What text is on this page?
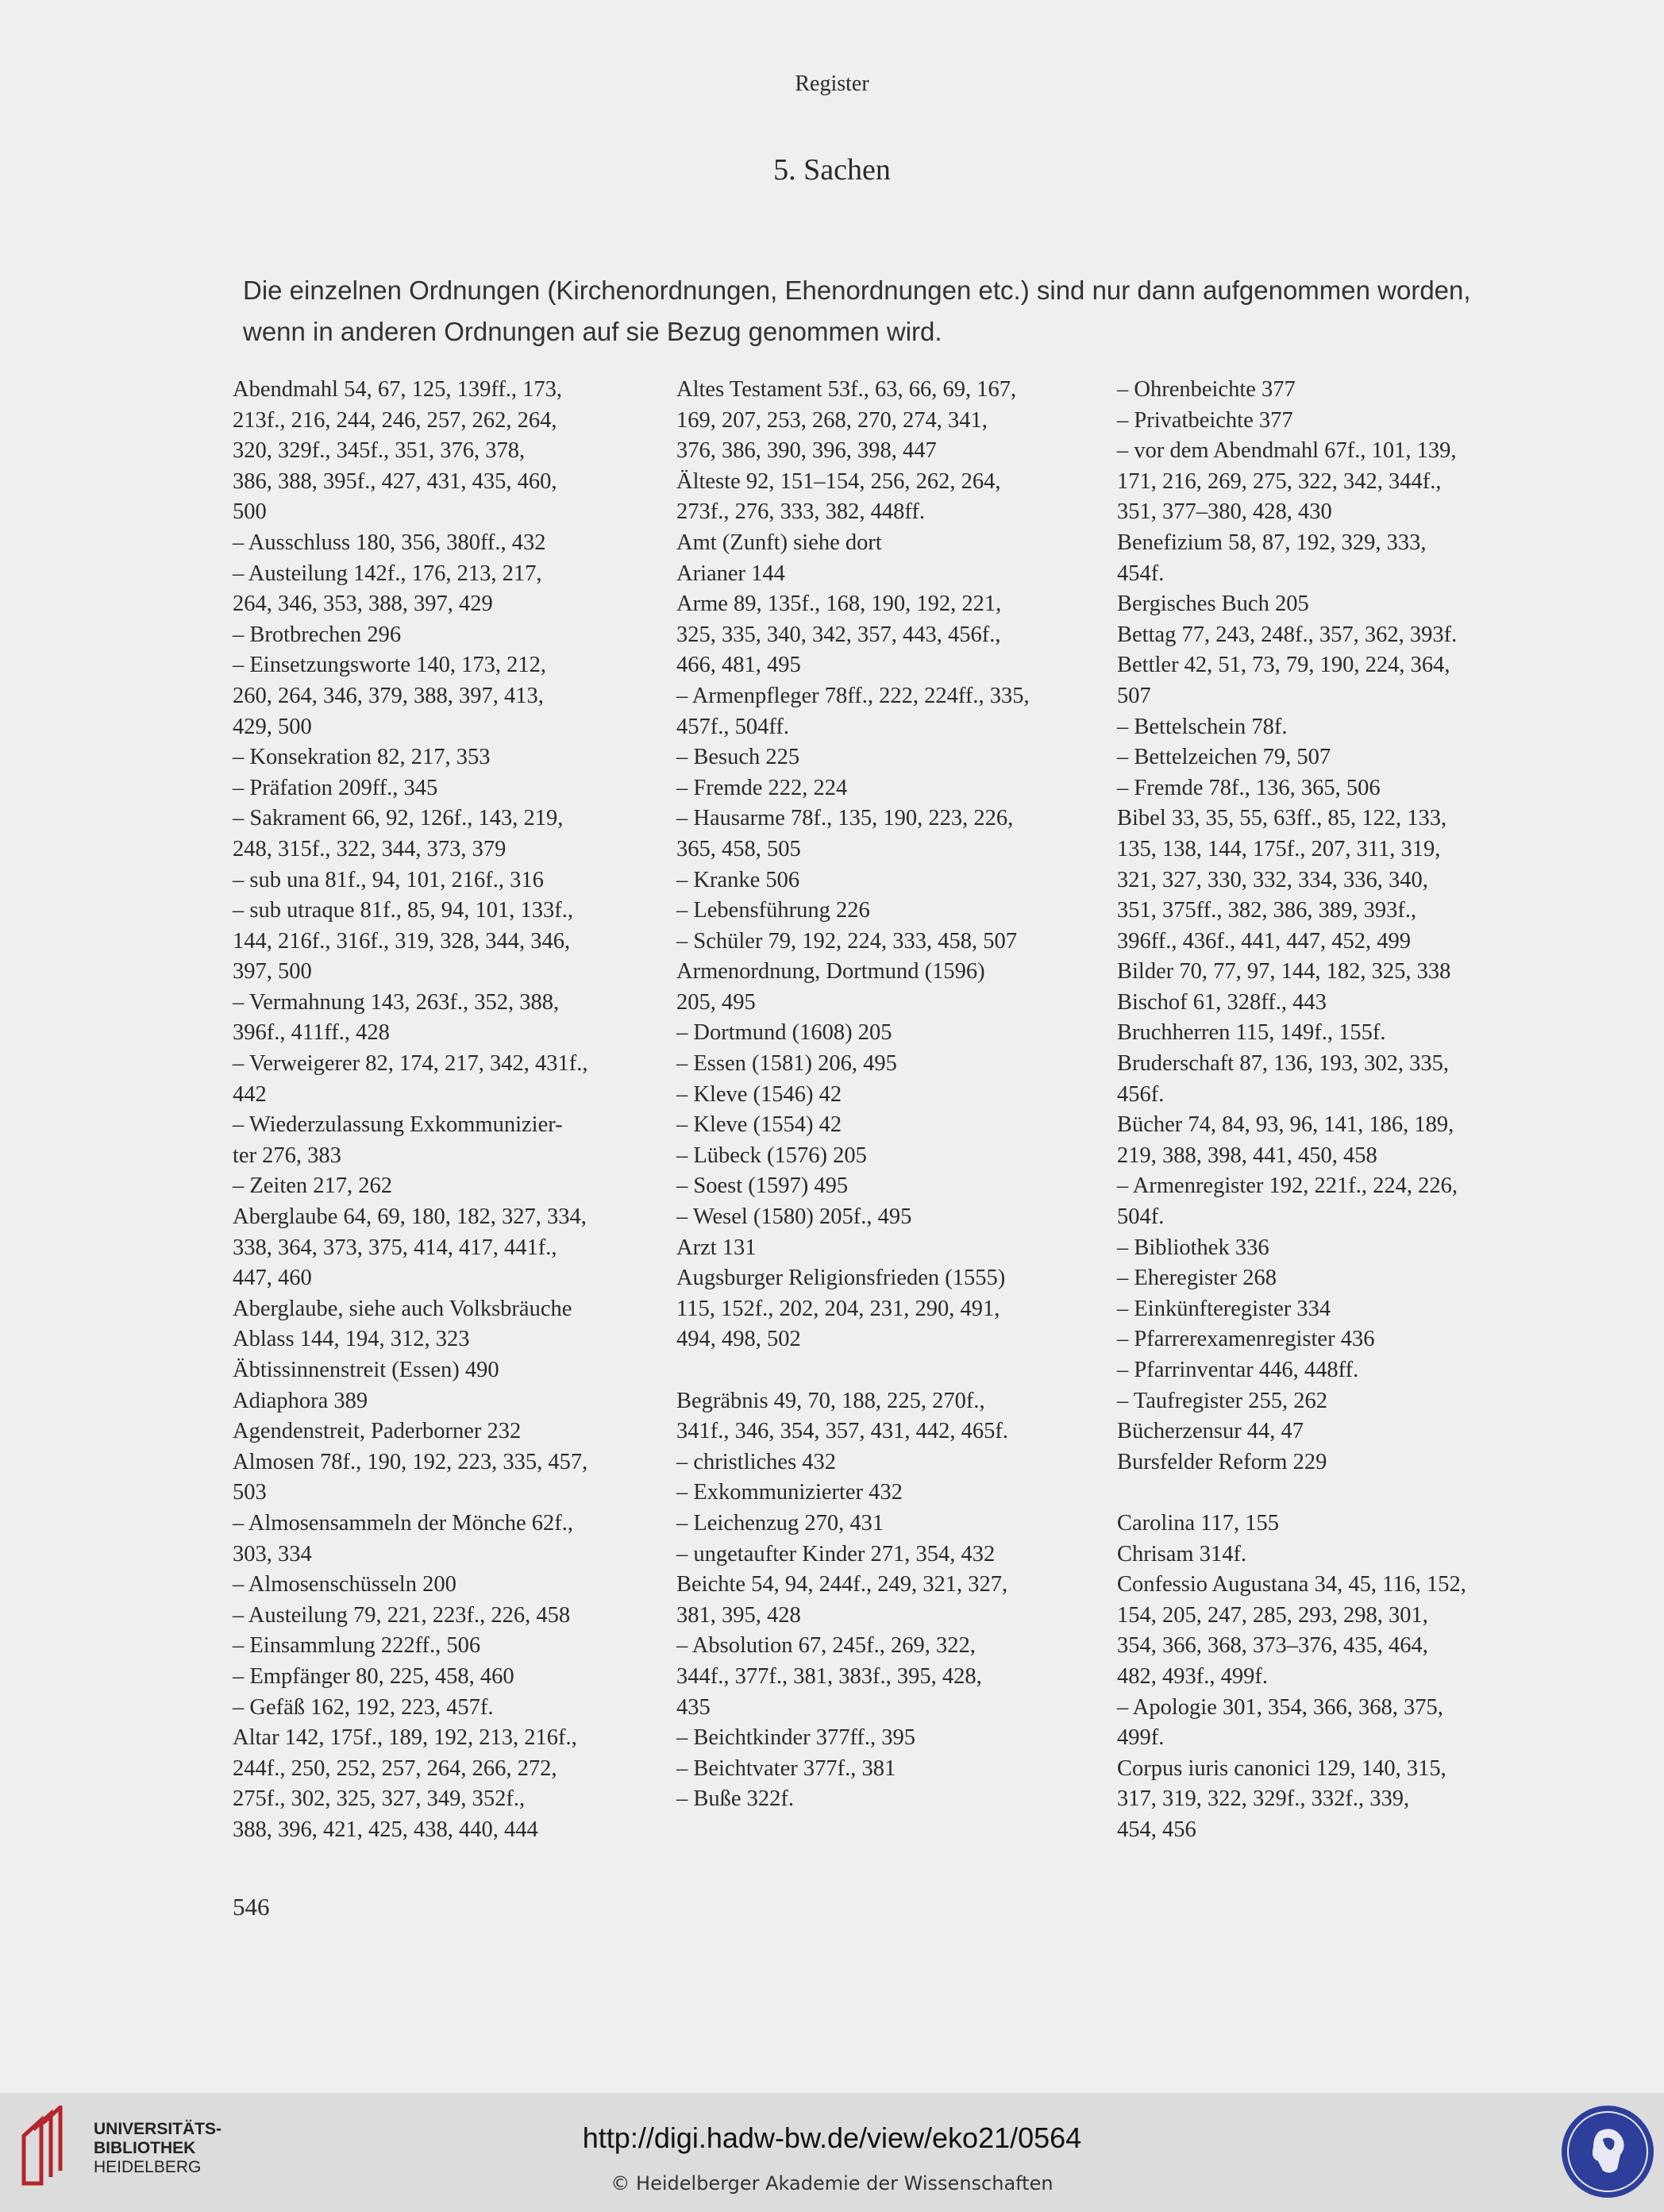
Register
5. Sachen
Die einzelnen Ordnungen (Kirchenordnungen, Ehenordnungen etc.) sind nur dann aufgenommen worden, wenn in anderen Ordnungen auf sie Bezug genommen wird.
Abendmahl 54, 67, 125, 139ff., 173,
213f., 216, 244, 246, 257, 262, 264,
320, 329f., 345f., 351, 376, 378,
386, 388, 395f., 427, 431, 435, 460,
500
– Ausschluss 180, 356, 380ff., 432
– Austeilung 142f., 176, 213, 217,
264, 346, 353, 388, 397, 429
– Brotbrechen 296
– Einsetzungsworte 140, 173, 212,
260, 264, 346, 379, 388, 397, 413,
429, 500
– Konsekration 82, 217, 353
– Präfation 209ff., 345
– Sakrament 66, 92, 126f., 143, 219,
248, 315f., 322, 344, 373, 379
– sub una 81f., 94, 101, 216f., 316
– sub utraque 81f., 85, 94, 101, 133f.,
144, 216f., 316f., 319, 328, 344, 346,
397, 500
– Vermahnung 143, 263f., 352, 388,
396f., 411ff., 428
– Verweigerer 82, 174, 217, 342, 431f.,
442
– Wiederzulassung Exkommunizier-
ter 276, 383
– Zeiten 217, 262
Aberglaube 64, 69, 180, 182, 327, 334,
338, 364, 373, 375, 414, 417, 441f.,
447, 460
Aberglaube, siehe auch Volksbräuche
Ablass 144, 194, 312, 323
Äbtissinnenstreit (Essen) 490
Adiaphora 389
Agendenstreit, Paderborner 232
Almosen 78f., 190, 192, 223, 335, 457,
503
– Almosensammeln der Mönche 62f.,
303, 334
– Almosenschüsseln 200
– Austeilung 79, 221, 223f., 226, 458
– Einsammlung 222ff., 506
– Empfänger 80, 225, 458, 460
– Gefäß 162, 192, 223, 457f.
Altar 142, 175f., 189, 192, 213, 216f.,
244f., 250, 252, 257, 264, 266, 272,
275f., 302, 325, 327, 349, 352f.,
388, 396, 421, 425, 438, 440, 444
Altes Testament 53f., 63, 66, 69, 167,
169, 207, 253, 268, 270, 274, 341,
376, 386, 390, 396, 398, 447
Älteste 92, 151–154, 256, 262, 264,
273f., 276, 333, 382, 448ff.
Amt (Zunft) siehe dort
Arianer 144
Arme 89, 135f., 168, 190, 192, 221,
325, 335, 340, 342, 357, 443, 456f.,
466, 481, 495
– Armenpfleger 78ff., 222, 224ff., 335,
457f., 504ff.
– Besuch 225
– Fremde 222, 224
– Hausarme 78f., 135, 190, 223, 226,
365, 458, 505
– Kranke 506
– Lebensführung 226
– Schüler 79, 192, 224, 333, 458, 507
Armenordnung, Dortmund (1596)
205, 495
– Dortmund (1608) 205
– Essen (1581) 206, 495
– Kleve (1546) 42
– Kleve (1554) 42
– Lübeck (1576) 205
– Soest (1597) 495
– Wesel (1580) 205f., 495
Arzt 131
Augsburger Religionsfrieden (1555)
115, 152f., 202, 204, 231, 290, 491,
494, 498, 502
Begräbnis 49, 70, 188, 225, 270f.,
341f., 346, 354, 357, 431, 442, 465f.
– christliches 432
– Exkommunizierter 432
– Leichenzug 270, 431
– ungetaufter Kinder 271, 354, 432
Beichte 54, 94, 244f., 249, 321, 327,
381, 395, 428
– Absolution 67, 245f., 269, 322,
344f., 377f., 381, 383f., 395, 428,
435
– Beichtkinder 377ff., 395
– Beichtvater 377f., 381
– Buße 322f.
– Ohrenbeichte 377
– Privatbeichte 377
– vor dem Abendmahl 67f., 101, 139,
171, 216, 269, 275, 322, 342, 344f.,
351, 377–380, 428, 430
Benefizium 58, 87, 192, 329, 333,
454f.
Bergisches Buch 205
Bettag 77, 243, 248f., 357, 362, 393f.
Bettler 42, 51, 73, 79, 190, 224, 364,
507
– Bettelschein 78f.
– Bettelzeichen 79, 507
– Fremde 78f., 136, 365, 506
Bibel 33, 35, 55, 63ff., 85, 122, 133,
135, 138, 144, 175f., 207, 311, 319,
321, 327, 330, 332, 334, 336, 340,
351, 375ff., 382, 386, 389, 393f.,
396ff., 436f., 441, 447, 452, 499
Bilder 70, 77, 97, 144, 182, 325, 338
Bischof 61, 328ff., 443
Bruchherren 115, 149f., 155f.
Bruderschaft 87, 136, 193, 302, 335,
456f.
Bücher 74, 84, 93, 96, 141, 186, 189,
219, 388, 398, 441, 450, 458
– Armenregister 192, 221f., 224, 226,
504f.
– Bibliothek 336
– Eheregister 268
– Einkünfteregister 334
– Pfarrerexamenregister 436
– Pfarrinventar 446, 448ff.
– Taufregister 255, 262
Bücherzensur 44, 47
Bursfelder Reform 229
Carolina 117, 155
Chrisam 314f.
Confessio Augustana 34, 45, 116, 152,
154, 205, 247, 285, 293, 298, 301,
354, 366, 368, 373–376, 435, 464,
482, 493f., 499f.
– Apologie 301, 354, 366, 368, 375,
499f.
Corpus iuris canonici 129, 140, 315,
317, 319, 322, 329f., 332f., 339,
454, 456
546
UNIVERSITÄTS-
BIBLIOTHEK
HEIDELBERG
http://digi.hadw-bw.de/view/eko21/0564
© Heidelberger Akademie der Wissenschaften
